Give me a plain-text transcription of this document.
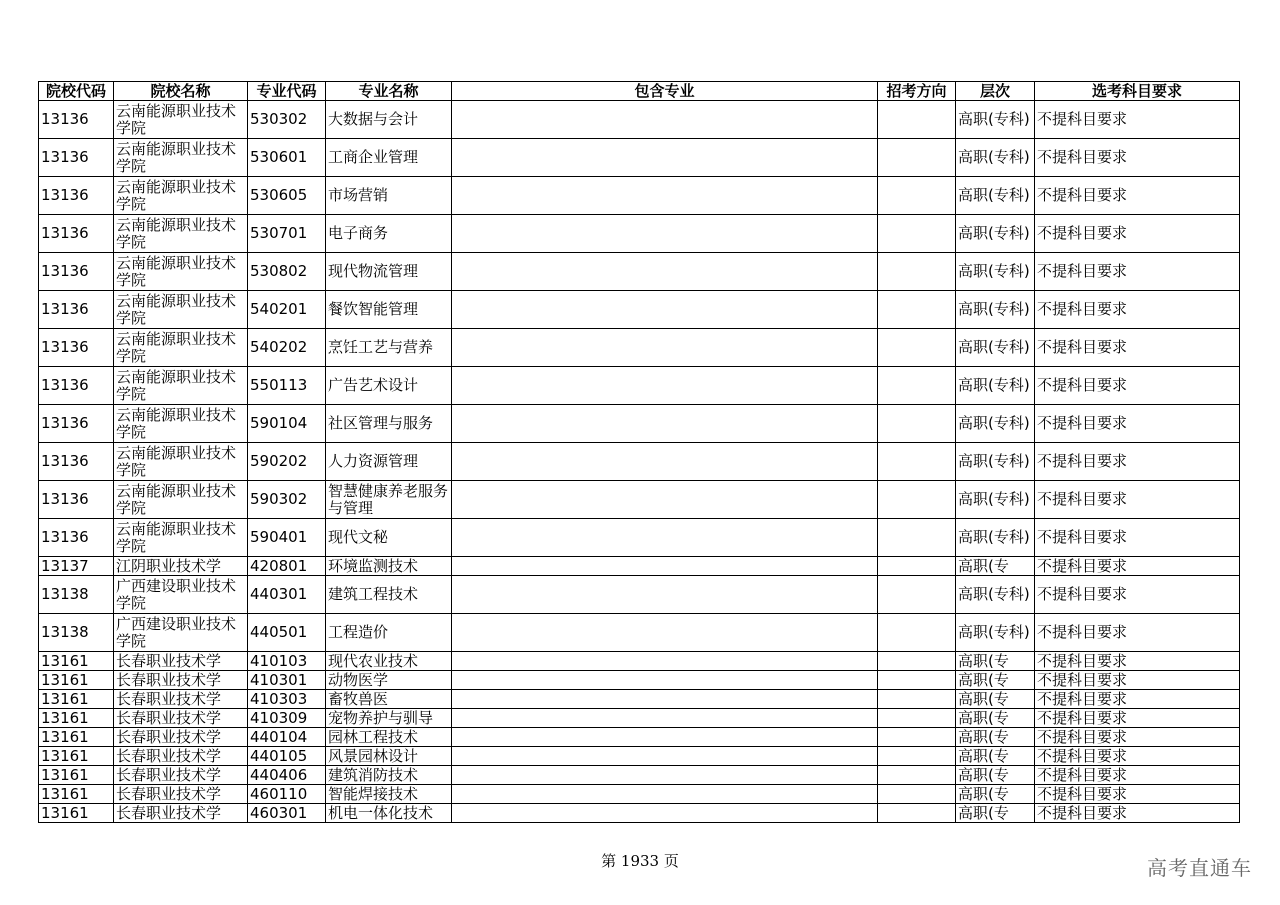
院校代码	院校名称	专业代码	专业名称	包含专业	招考方向	层次	选考科目要求
13136	云南能源职业技术学院	530302	大数据与会计			高职(专科)	不提科目要求
13136	云南能源职业技术学院	530601	工商企业管理			高职(专科)	不提科目要求
13136	云南能源职业技术学院	530605	市场营销			高职(专科)	不提科目要求
13136	云南能源职业技术学院	530701	电子商务			高职(专科)	不提科目要求
13136	云南能源职业技术学院	530802	现代物流管理			高职(专科)	不提科目要求
13136	云南能源职业技术学院	540201	餐饮智能管理			高职(专科)	不提科目要求
13136	云南能源职业技术学院	540202	烹饪工艺与营养			高职(专科)	不提科目要求
13136	云南能源职业技术学院	550113	广告艺术设计			高职(专科)	不提科目要求
13136	云南能源职业技术学院	590104	社区管理与服务			高职(专科)	不提科目要求
13136	云南能源职业技术学院	590202	人力资源管理			高职(专科)	不提科目要求
13136	云南能源职业技术学院	590302	智慧健康养老服务与管理			高职(专科)	不提科目要求
13136	云南能源职业技术学院	590401	现代文秘			高职(专科)	不提科目要求
13137	江阴职业技术学	420801	环境监测技术			高职(专	不提科目要求
13138	广西建设职业技术学院	440301	建筑工程技术			高职(专科)	不提科目要求
13138	广西建设职业技术学院	440501	工程造价			高职(专科)	不提科目要求
13161	长春职业技术学	410103	现代农业技术			高职(专	不提科目要求
13161	长春职业技术学	410301	动物医学			高职(专	不提科目要求
13161	长春职业技术学	410303	畜牧兽医			高职(专	不提科目要求
13161	长春职业技术学	410309	宠物养护与驯导			高职(专	不提科目要求
13161	长春职业技术学	440104	园林工程技术			高职(专	不提科目要求
13161	长春职业技术学	440105	风景园林设计			高职(专	不提科目要求
13161	长春职业技术学	440406	建筑消防技术			高职(专	不提科目要求
13161	长春职业技术学	460110	智能焊接技术			高职(专	不提科目要求
13161	长春职业技术学	460301	机电一体化技术			高职(专	不提科目要求
第 1933 页	高考直通车
